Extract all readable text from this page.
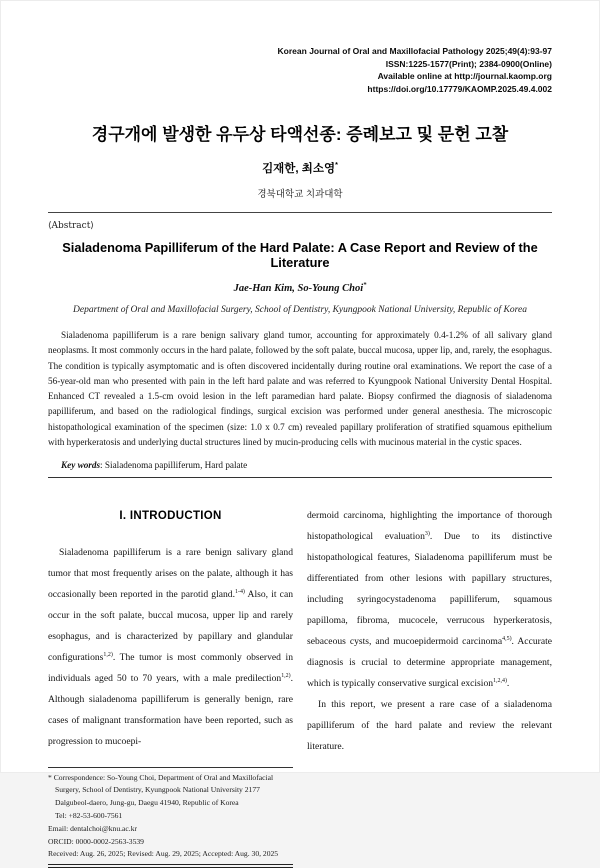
Korean Journal of Oral and Maxillofacial Pathology 2025;49(4):93-97
ISSN:1225-1577(Print); 2384-0900(Online)
Available online at http://journal.kaomp.org
https://doi.org/10.17779/KAOMP.2025.49.4.002
경구개에 발생한 유두상 타액선종: 증례보고 및 문헌 고찰
김재한, 최소영*
경북대학교 치과대학
⟨Abstract⟩
Sialadenoma Papilliferum of the Hard Palate: A Case Report and Review of the Literature
Jae-Han Kim, So-Young Choi*
Department of Oral and Maxillofacial Surgery, School of Dentistry, Kyungpook National University, Republic of Korea

Sialadenoma papilliferum is a rare benign salivary gland tumor, accounting for approximately 0.4-1.2% of all salivary gland neoplasms. It most commonly occurs in the hard palate, followed by the soft palate, buccal mucosa, upper lip, and, rarely, the esophagus. The condition is typically asymptomatic and is often discovered incidentally during routine oral examinations. We report the case of a 56-year-old man who presented with pain in the left hard palate and was referred to Kyungpook National University Dental Hospital. Enhanced CT revealed a 1.5-cm ovoid lesion in the left paramedian hard palate. Biopsy confirmed the diagnosis of sialadenoma papilliferum, and based on the radiological findings, surgical excision was performed under general anesthesia. The microscopic histopathological examination of the specimen (size: 1.0 x 0.7 cm) revealed papillary proliferation of stratified squamous epithelium with hyperkeratosis and underlying ductal structures lined by mucin-producing cells with mucinous material in the cystic spaces.

Key words: Sialadenoma papilliferum, Hard palate
I. INTRODUCTION

Sialadenoma papilliferum is a rare benign salivary gland tumor that most frequently arises on the palate, although it has occasionally been reported in the parotid gland.$^{1-4)}$ Also, it can occur in the soft palate, buccal mucosa, upper lip and rarely esophagus, and is characterized by papillary and glandular configurations$^{1,2)}$. The tumor is most commonly observed in individuals aged 50 to 70 years, with a male predilection$^{1,2)}$. Although sialadenoma papilliferum is generally benign, rare cases of malignant transformation have been reported, such as progression to mucoepi-

* Correspondence: So-Young Choi, Department of Oral and Maxillofacial Surgery, School of Dentistry, Kyungpook National University 2177 Dalgubeol-daero, Jung-gu, Daegu 41940, Republic of Korea
Tel: +82-53-600-7561
Email: dentalchoi@knu.ac.kr
ORCID: 0000-0002-2563-3539
Received: Aug. 26, 2025; Revised: Aug. 29, 2025; Accepted: Aug. 30, 2025

dermoid carcinoma, highlighting the importance of thorough histopathological evaluation$^{3)}$. Due to its distinctive histopathological features, Sialadenoma papilliferum must be differentiated from other lesions with papillary structures, including syringocystadenoma papilliferum, squamous papilloma, fibroma, mucocele, verrucous hyperkeratosis, sebaceous cysts, and mucoepidermoid carcinoma$^{4,5)}$. Accurate diagnosis is crucial to determine appropriate management, which is typically conservative surgical excision$^{1,2,4)}$.

In this report, we present a rare case of a sialadenoma papilliferum of the hard palate and review the relevant literature.
